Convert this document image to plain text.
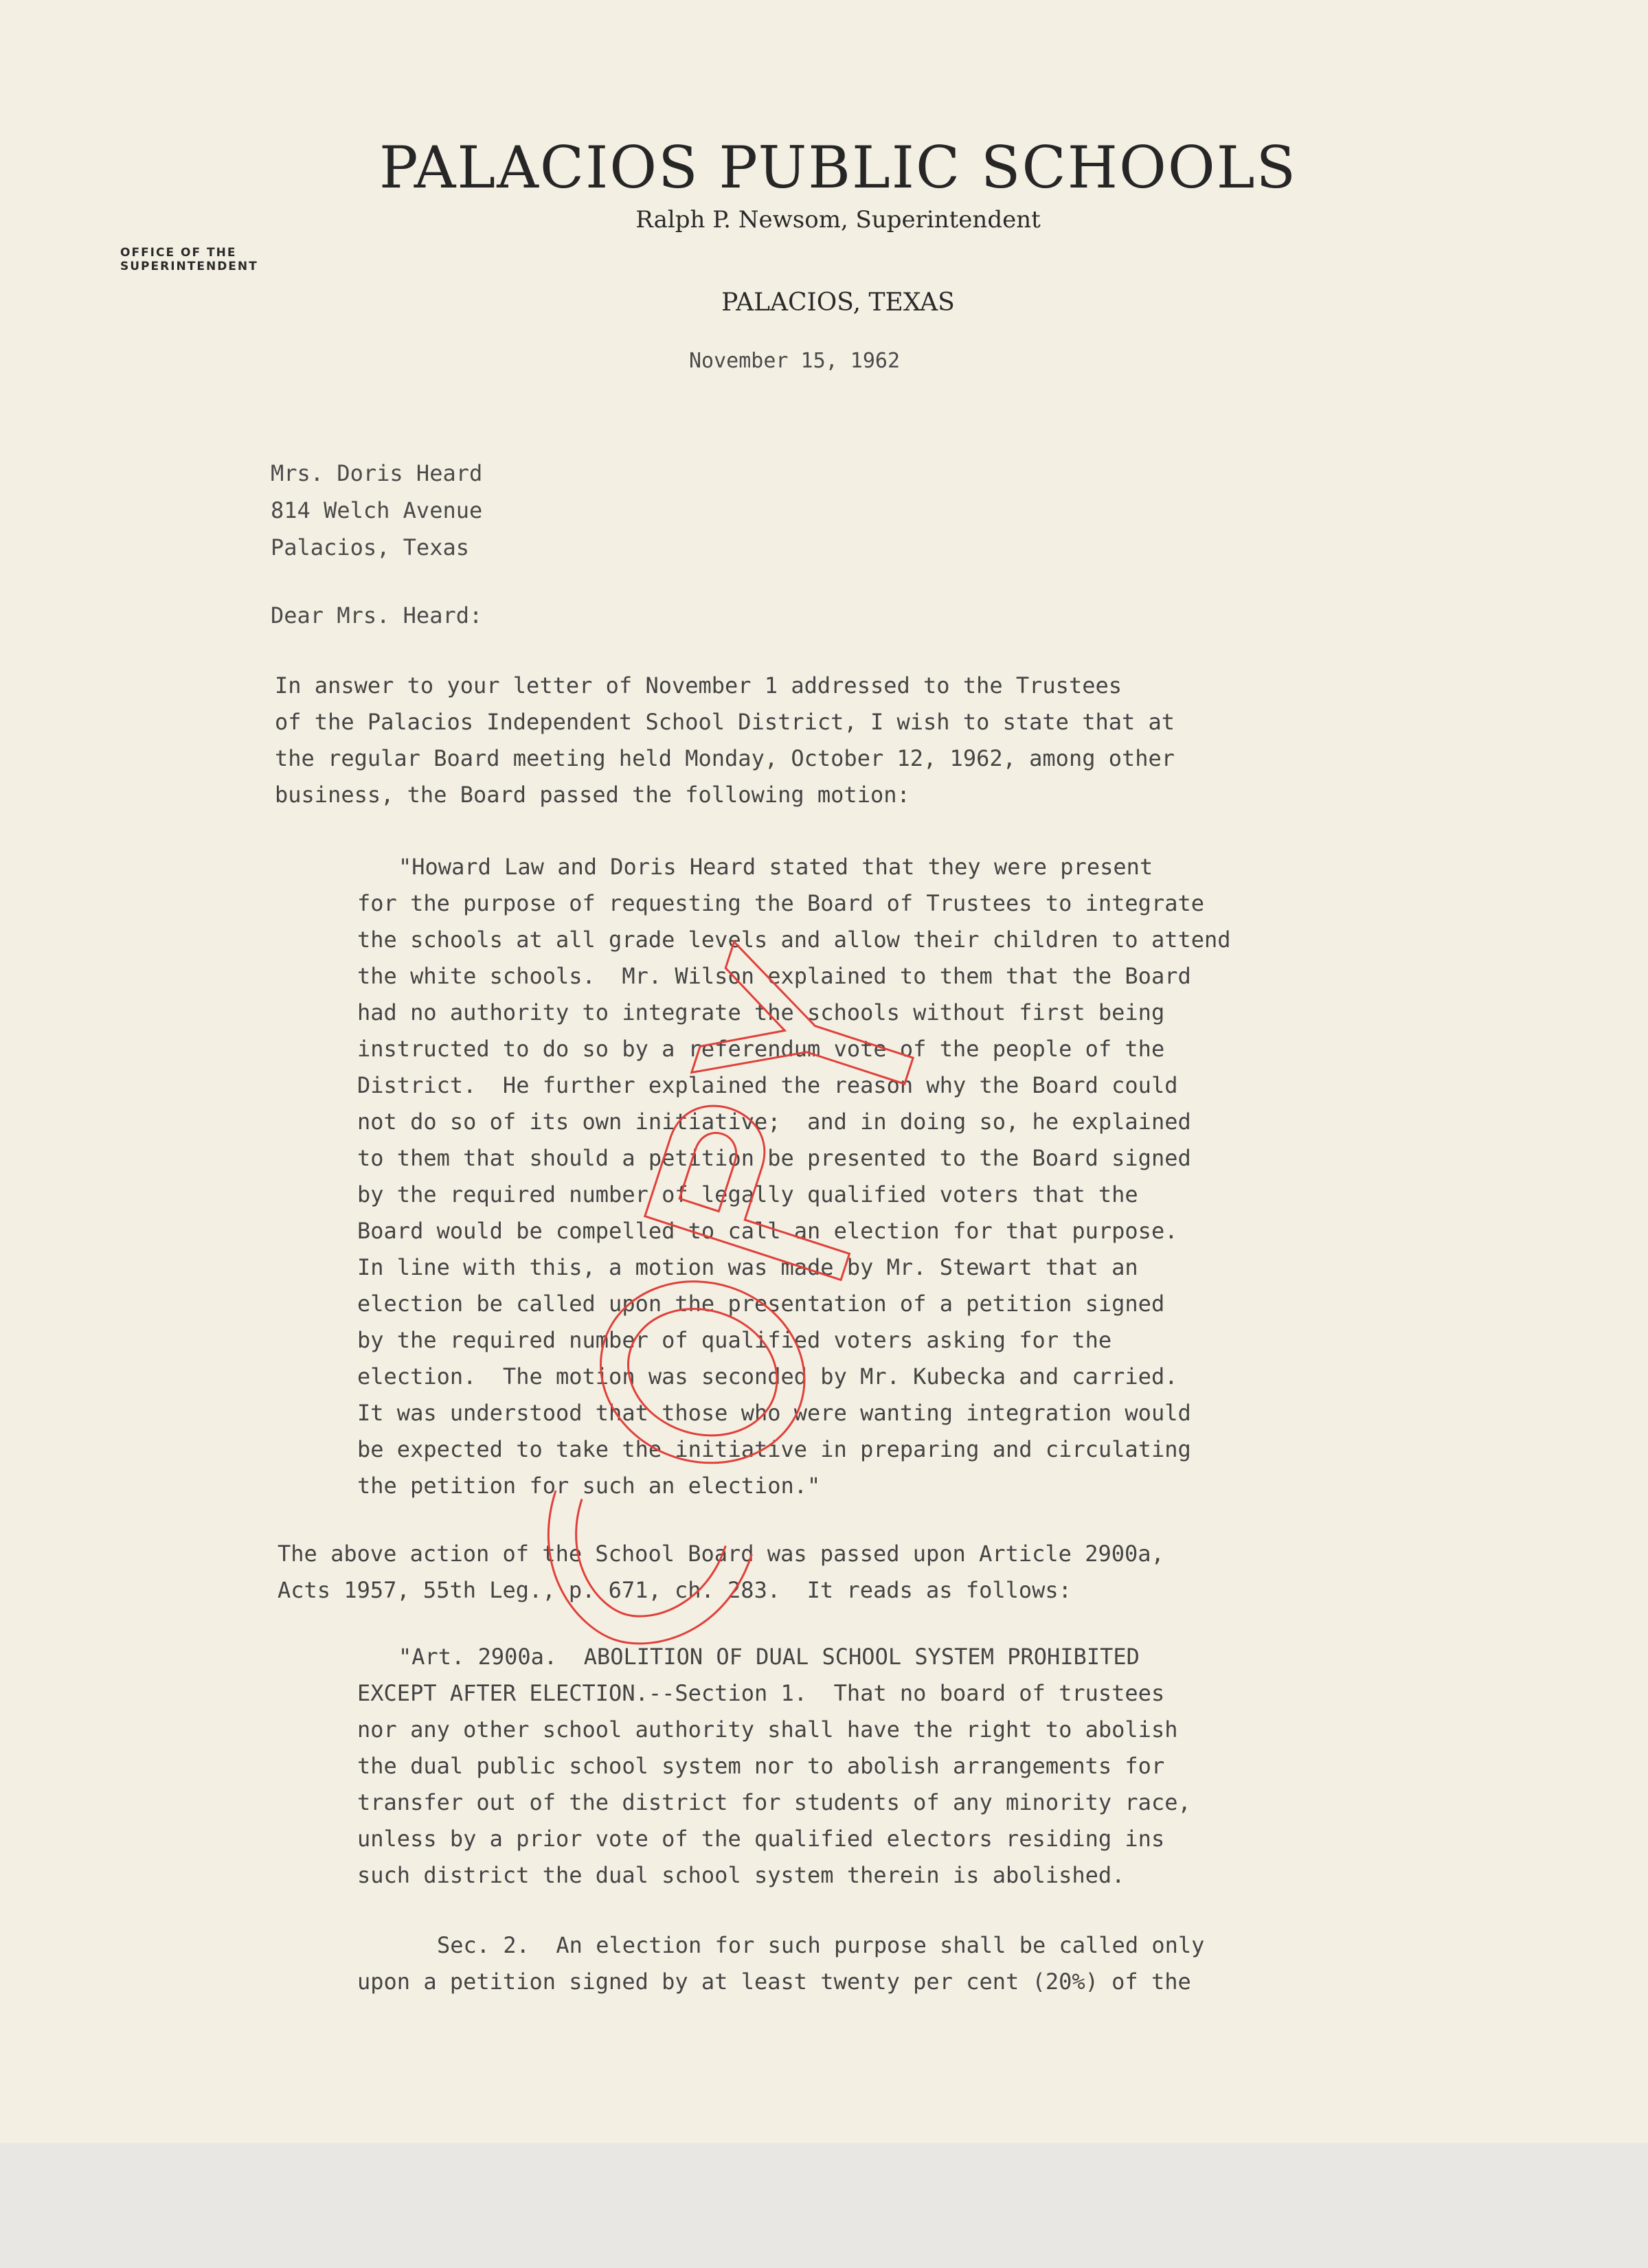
PALACIOS PUBLIC SCHOOLS
Ralph P. Newsom, Superintendent
OFFICE OF THE
SUPERINTENDENT
PALACIOS, TEXAS
November 15, 1962
Mrs. Doris Heard
814 Welch Avenue
Palacios, Texas
Dear Mrs. Heard:
In answer to your letter of November 1 addressed to the Trustees
of the Palacios Independent School District, I wish to state that at
the regular Board meeting held Monday, October 12, 1962, among other
business, the Board passed the following motion:
"Howard Law and Doris Heard stated that they were present
for the purpose of requesting the Board of Trustees to integrate
the schools at all grade levels and allow their children to attend
the white schools.  Mr. Wilson explained to them that the Board
had no authority to integrate the schools without first being
instructed to do so by a referendum vote of the people of the
District.  He further explained the reason why the Board could
not do so of its own initiative;  and in doing so, he explained
to them that should a petition be presented to the Board signed
by the required number of legally qualified voters that the
Board would be compelled to call an election for that purpose.
In line with this, a motion was made by Mr. Stewart that an
election be called upon the presentation of a petition signed
by the required number of qualified voters asking for the
election.  The motion was seconded by Mr. Kubecka and carried.
It was understood that those who were wanting integration would
be expected to take the initiative in preparing and circulating
the petition for such an election."
The above action of the School Board was passed upon Article 2900a,
Acts 1957, 55th Leg., p. 671, ch. 283.  It reads as follows:
"Art. 2900a.  ABOLITION OF DUAL SCHOOL SYSTEM PROHIBITED
EXCEPT AFTER ELECTION.--Section 1.  That no board of trustees
nor any other school authority shall have the right to abolish
the dual public school system nor to abolish arrangements for
transfer out of the district for students of any minority race,
unless by a prior vote of the qualified electors residing ins
such district the dual school system therein is abolished.
Sec. 2.  An election for such purpose shall be called only
upon a petition signed by at least twenty per cent (20%) of the
